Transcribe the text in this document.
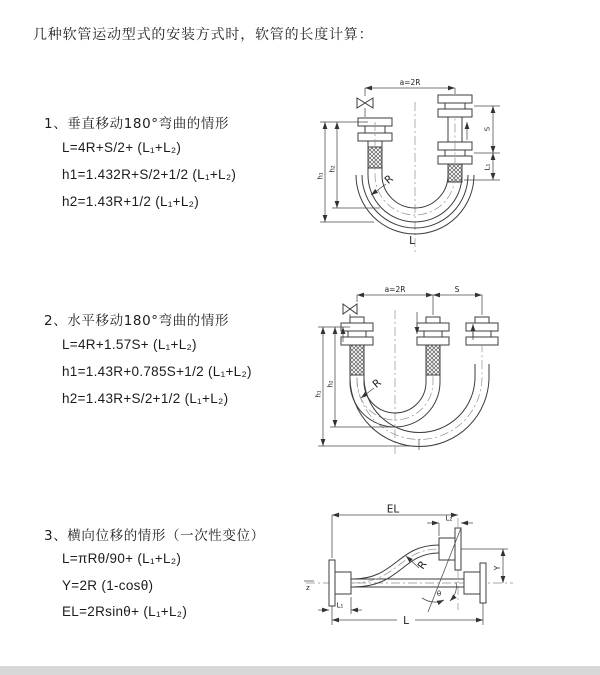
几种软管运动型式的安装方式时，软管的长度计算：
1、垂直移动180°弯曲的情形
L=4R+S/2+ (L₁+L₂)
h1=1.432R+S/2+1/2 (L₁+L₂)
h2=1.43R+1/2 (L₁+L₂)
2、水平移动180°弯曲的情形
L=4R+1.57S+ (L₁+L₂)
h1=1.43R+0.785S+1/2 (L₁+L₂)
h2=1.43R+S/2+1/2 (L₁+L₂)
3、横向位移的情形（一次性变位）
L=πRθ/90+ (L₁+L₂)
Y=2R (1-cosθ)
EL=2Rsinθ+ (L₁+L₂)
a=2R
h₁
h₂
S
L₁
R
L
a=2R	S
h₁
h₂	R
z
EL
L₂
Y
θ
R
L₁
L
